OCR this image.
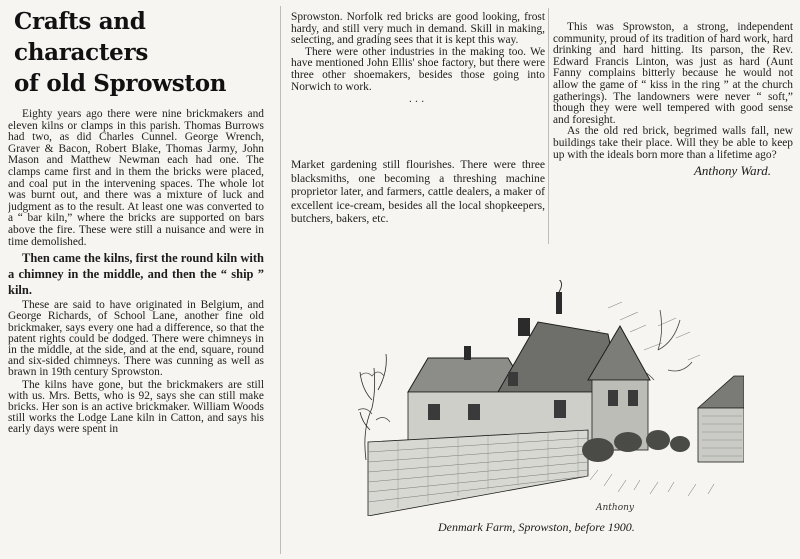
Crafts and characters
of old Sprowston

Eighty years ago there were nine brickmakers and eleven kilns or clamps in this parish. Thomas Burrows had two, as did Charles Cunnel. George Wrench, Graver & Bacon, Robert Blake, Thomas Jarmy, John Mason and Matthew Newman each had one. The clamps came first and in them the bricks were placed, and coal put in the intervening spaces. The whole lot was burnt out, and there was a mixture of luck and judgment as to the result. At least one was converted to a “ bar kiln,” where the bricks are supported on bars above the fire. These were still a nuisance and were in time demolished.

Then came the kilns, first the round kiln with a chimney in the middle, and then the “ ship ” kiln.

These are said to have originated in Belgium, and George Richards, of School Lane, another fine old brickmaker, says every one had a difference, so that the patent rights could be dodged. There were chimneys in in the middle, at the side, and at the end, square, round and six-sided chimneys. There was cunning as well as brawn in 19th century Sprowston.

The kilns have gone, but the brickmakers are still with us. Mrs. Betts, who is 92, says she can still make bricks. Her son is an active brickmaker. William Woods still works the Lodge Lane kiln in Catton, and says his early days were spent in

Sprowston. Norfolk red bricks are good looking, frost hardy, and still very much in demand. Skill in making, selecting, and grading sees that it is kept this way.

There were other industries in the making too. We have mentioned John Ellis' shoe factory, but there were three other shoemakers, besides those going into Norwich to work.

...

Market gardening still flourishes. There were three blacksmiths, one becoming a threshing machine proprietor later, and farmers, cattle dealers, a maker of excellent ice-cream, besides all the local shopkeepers, butchers, bakers, etc.

This was Sprowston, a strong, independent community, proud of its tradition of hard work, hard drinking and hard hitting. Its parson, the Rev. Edward Francis Linton, was just as hard (Aunt Fanny complains bitterly because he would not allow the game of “ kiss in the ring ” at the church gatherings). The landowners were never “ soft,” though they were well tempered with good sense and foresight.

As the old red brick, begrimed walls fall, new buildings take their place. Will they be able to keep up with the ideals born more than a lifetime ago?

Anthony Ward.
Anthony
Denmark Farm, Sprowston, before 1900.
